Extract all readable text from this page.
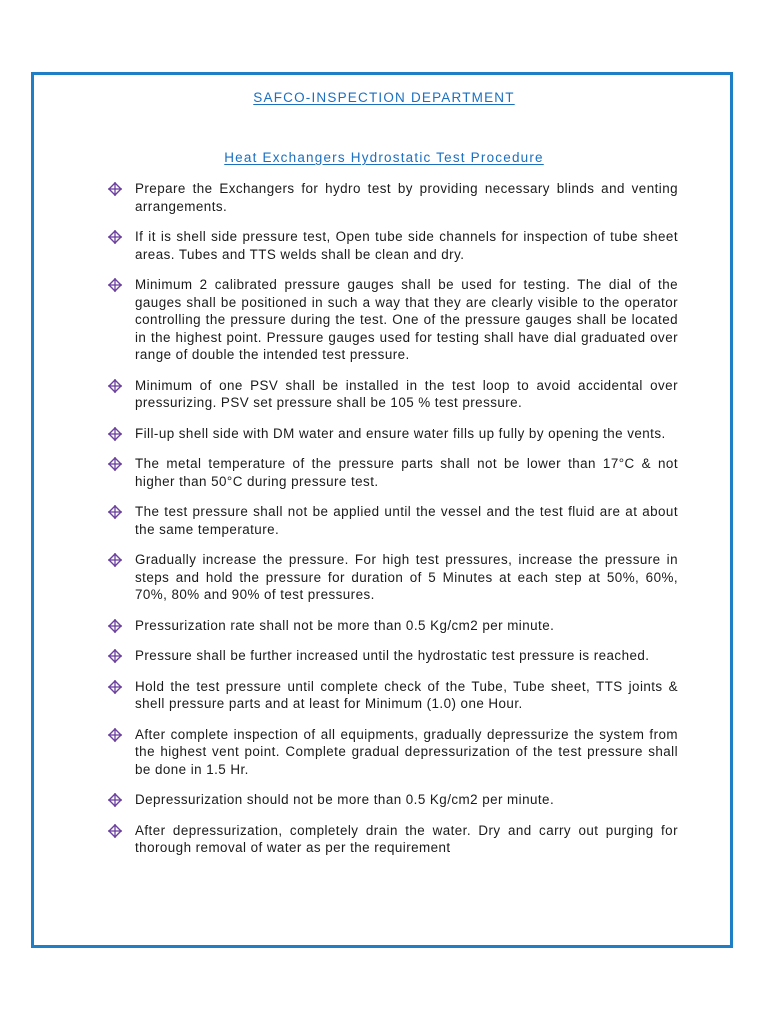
SAFCO-INSPECTION DEPARTMENT
Heat Exchangers Hydrostatic Test Procedure
Prepare the Exchangers for hydro test by providing necessary blinds and venting arrangements.
If it is shell side pressure test, Open tube side channels for inspection of tube sheet areas. Tubes and TTS welds shall be clean and dry.
Minimum 2 calibrated pressure gauges shall be used for testing. The dial of the gauges shall be positioned in such a way that they are clearly visible to the operator controlling the pressure during the test. One of the pressure gauges shall be located in the highest point. Pressure gauges used for testing shall have dial graduated over range of double the intended test pressure.
Minimum of one PSV shall be installed in the test loop to avoid accidental over pressurizing. PSV set pressure shall be 105 % test pressure.
Fill-up shell side with DM water and ensure water fills up fully by opening the vents.
The metal temperature of the pressure parts shall not be lower than 17°C & not higher than 50°C during pressure test.
The test pressure shall not be applied until the vessel and the test fluid are at about the same temperature.
Gradually increase the pressure. For high test pressures, increase the pressure in steps and hold the pressure for duration of 5 Minutes at each step at 50%, 60%, 70%, 80% and 90% of test pressures.
Pressurization rate shall not be more than 0.5 Kg/cm2 per minute.
Pressure shall be further increased until the hydrostatic test pressure is reached.
Hold the test pressure until complete check of the Tube, Tube sheet, TTS joints & shell pressure parts and at least for Minimum (1.0) one Hour.
After complete inspection of all equipments, gradually depressurize the system from the highest vent point. Complete gradual depressurization of the test pressure shall be done in 1.5 Hr.
Depressurization should not be more than 0.5 Kg/cm2 per minute.
After depressurization, completely drain the water. Dry and carry out purging for thorough removal of water as per the requirement
